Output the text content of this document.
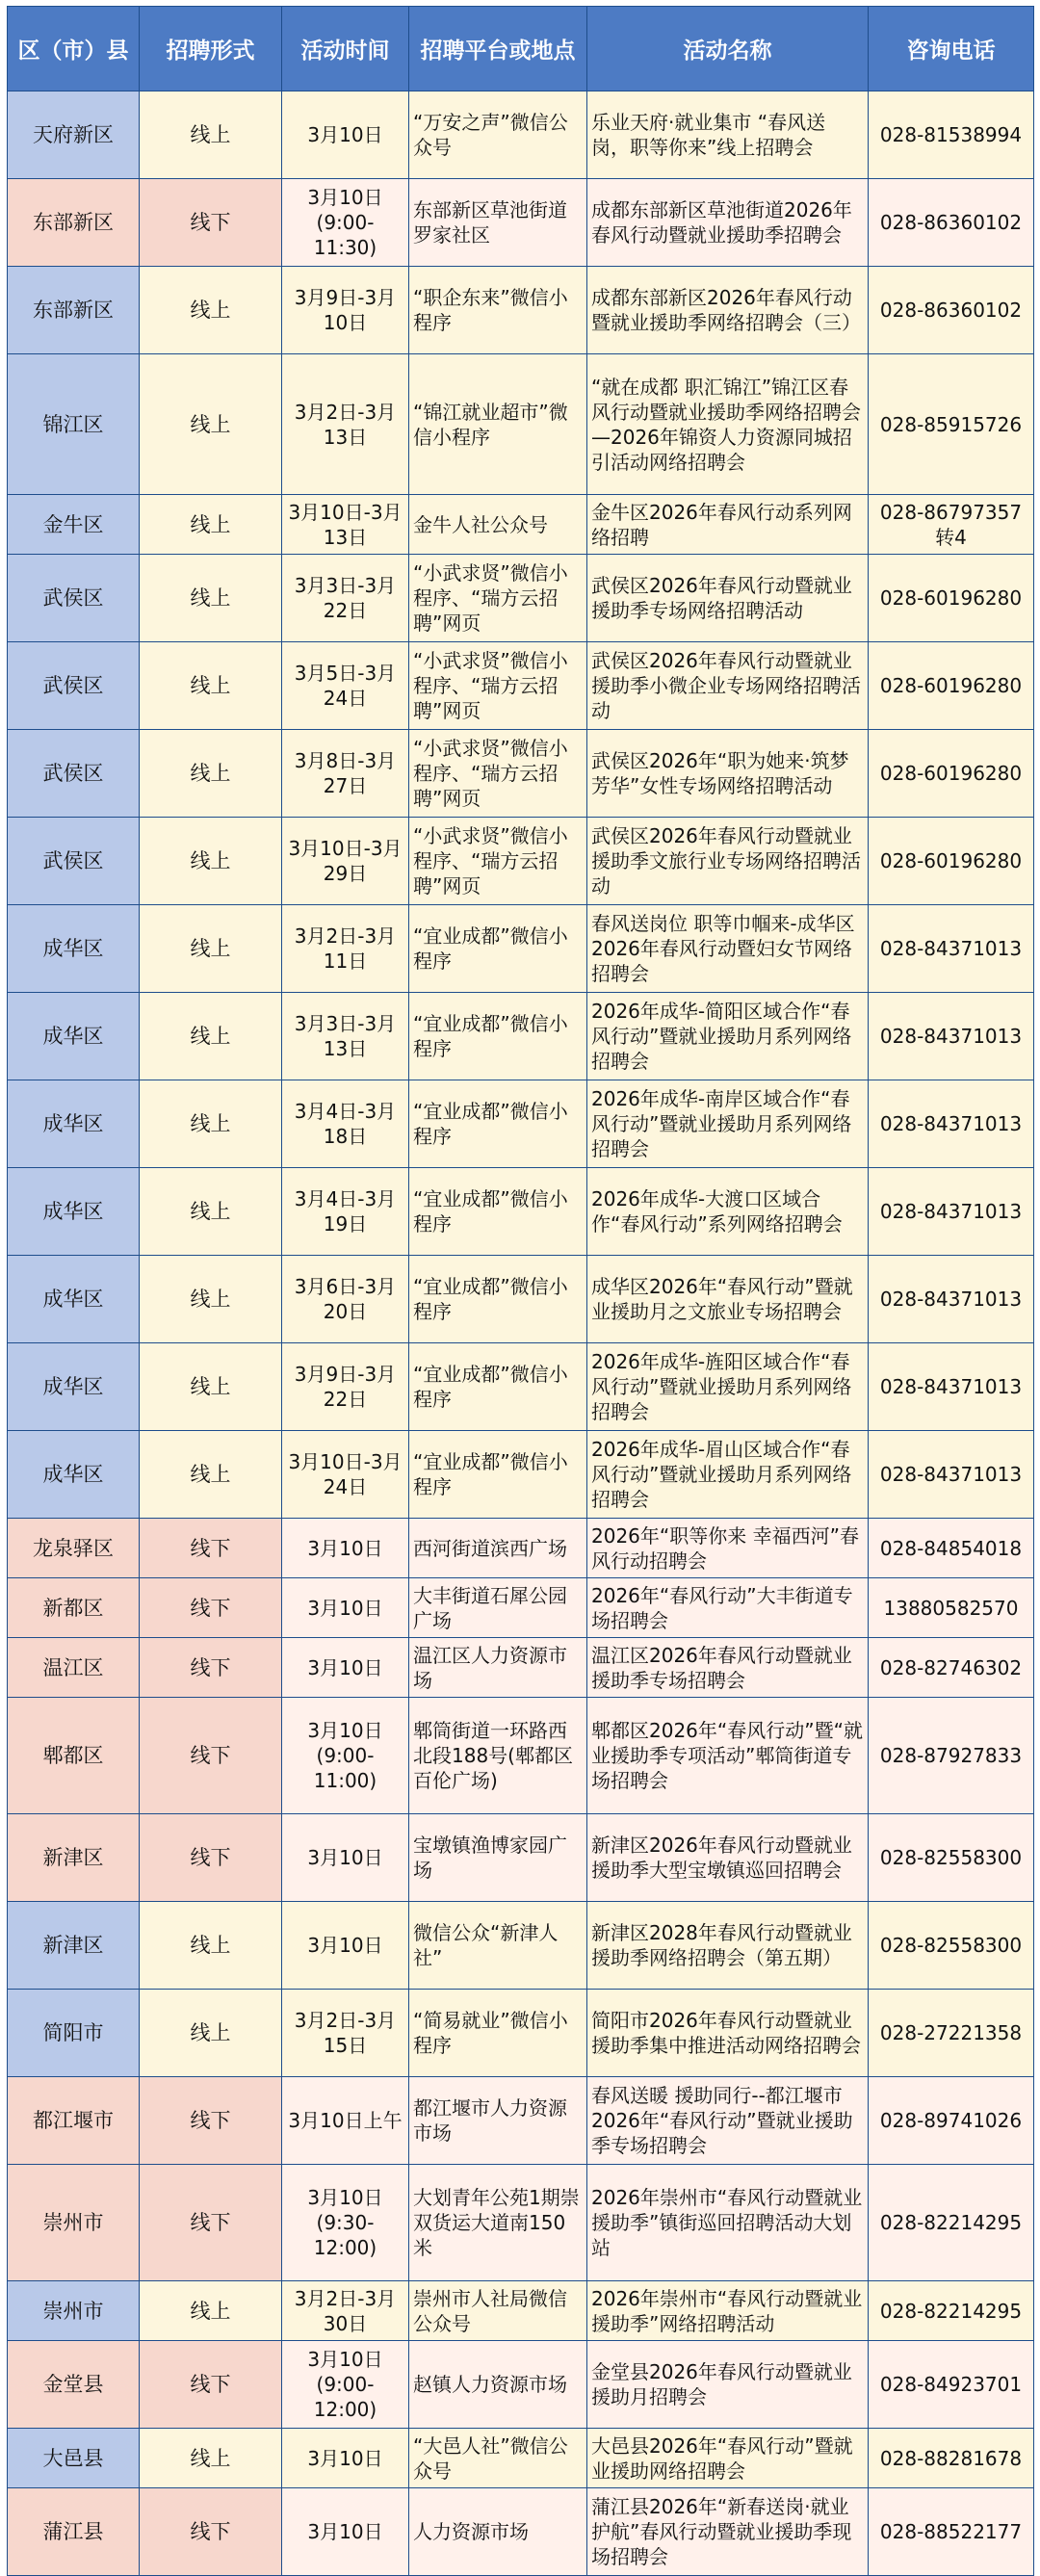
区（市）县	招聘形式	活动时间	招聘平台或地点	活动名称	咨询电话
天府新区	线上	3月10日	“万安之声”微信公众号	乐业天府·就业集市 “春风送岗，职等你来”线上招聘会	028-81538994
东部新区	线下	3月10日 (9:00-11:30)	东部新区草池街道罗家社区	成都东部新区草池街道2026年春风行动暨就业援助季招聘会	028-86360102
东部新区	线上	3月9日-3月10日	“职企东来”微信小程序	成都东部新区2026年春风行动暨就业援助季网络招聘会（三）	028-86360102
锦江区	线上	3月2日-3月13日	“锦江就业超市”微信小程序	“就在成都 职汇锦江”锦江区春风行动暨就业援助季网络招聘会—2026年锦资人力资源同城招引活动网络招聘会	028-85915726
金牛区	线上	3月10日-3月13日	金牛人社公众号	金牛区2026年春风行动系列网络招聘	028-86797357转4
武侯区	线上	3月3日-3月22日	“小武求贤”微信小程序、“瑞方云招聘”网页	武侯区2026年春风行动暨就业援助季专场网络招聘活动	028-60196280
武侯区	线上	3月5日-3月24日	“小武求贤”微信小程序、“瑞方云招聘”网页	武侯区2026年春风行动暨就业援助季小微企业专场网络招聘活动	028-60196280
武侯区	线上	3月8日-3月27日	“小武求贤”微信小程序、“瑞方云招聘”网页	武侯区2026年“职为她来·筑梦芳华”女性专场网络招聘活动	028-60196280
武侯区	线上	3月10日-3月29日	“小武求贤”微信小程序、“瑞方云招聘”网页	武侯区2026年春风行动暨就业援助季文旅行业专场网络招聘活动	028-60196280
成华区	线上	3月2日-3月11日	“宜业成都”微信小程序	春风送岗位 职等巾帼来-成华区2026年春风行动暨妇女节网络招聘会	028-84371013
成华区	线上	3月3日-3月13日	“宜业成都”微信小程序	2026年成华-简阳区域合作“春风行动”暨就业援助月系列网络招聘会	028-84371013
成华区	线上	3月4日-3月18日	“宜业成都”微信小程序	2026年成华-南岸区域合作“春风行动”暨就业援助月系列网络招聘会	028-84371013
成华区	线上	3月4日-3月19日	“宜业成都”微信小程序	2026年成华-大渡口区域合作“春风行动”系列网络招聘会	028-84371013
成华区	线上	3月6日-3月20日	“宜业成都”微信小程序	成华区2026年“春风行动”暨就业援助月之文旅业专场招聘会	028-84371013
成华区	线上	3月9日-3月22日	“宜业成都”微信小程序	2026年成华-旌阳区域合作“春风行动”暨就业援助月系列网络招聘会	028-84371013
成华区	线上	3月10日-3月24日	“宜业成都”微信小程序	2026年成华-眉山区域合作“春风行动”暨就业援助月系列网络招聘会	028-84371013
龙泉驿区	线下	3月10日	西河街道滨西广场	2026年“职等你来 幸福西河”春风行动招聘会	028-84854018
新都区	线下	3月10日	大丰街道石犀公园广场	2026年“春风行动”大丰街道专场招聘会	13880582570
温江区	线下	3月10日	温江区人力资源市场	温江区2026年春风行动暨就业援助季专场招聘会	028-82746302
郫都区	线下	3月10日 (9:00-11:00)	郫筒街道一环路西北段188号(郫都区百伦广场)	郫都区2026年“春风行动”暨“就业援助季专项活动”郫筒街道专场招聘会	028-87927833
新津区	线下	3月10日	宝墩镇渔博家园广场	新津区2026年春风行动暨就业援助季大型宝墩镇巡回招聘会	028-82558300
新津区	线上	3月10日	微信公众“新津人社”	新津区2028年春风行动暨就业援助季网络招聘会（第五期）	028-82558300
简阳市	线上	3月2日-3月15日	“简易就业”微信小程序	简阳市2026年春风行动暨就业援助季集中推进活动网络招聘会	028-27221358
都江堰市	线下	3月10日上午	都江堰市人力资源市场	春风送暖 援助同行--都江堰市2026年“春风行动”暨就业援助季专场招聘会	028-89741026
崇州市	线下	3月10日 (9:30-12:00)	大划青年公苑1期崇双货运大道南150米	2026年崇州市“春风行动暨就业援助季”镇街巡回招聘活动大划站	028-82214295
崇州市	线上	3月2日-3月30日	崇州市人社局微信公众号	2026年崇州市“春风行动暨就业援助季”网络招聘活动	028-82214295
金堂县	线下	3月10日 (9:00-12:00)	赵镇人力资源市场	金堂县2026年春风行动暨就业援助月招聘会	028-84923701
大邑县	线上	3月10日	“大邑人社”微信公众号	大邑县2026年“春风行动”暨就业援助网络招聘会	028-88281678
蒲江县	线下	3月10日	人力资源市场	蒲江县2026年“新春送岗·就业护航”春风行动暨就业援助季现场招聘会	028-88522177
